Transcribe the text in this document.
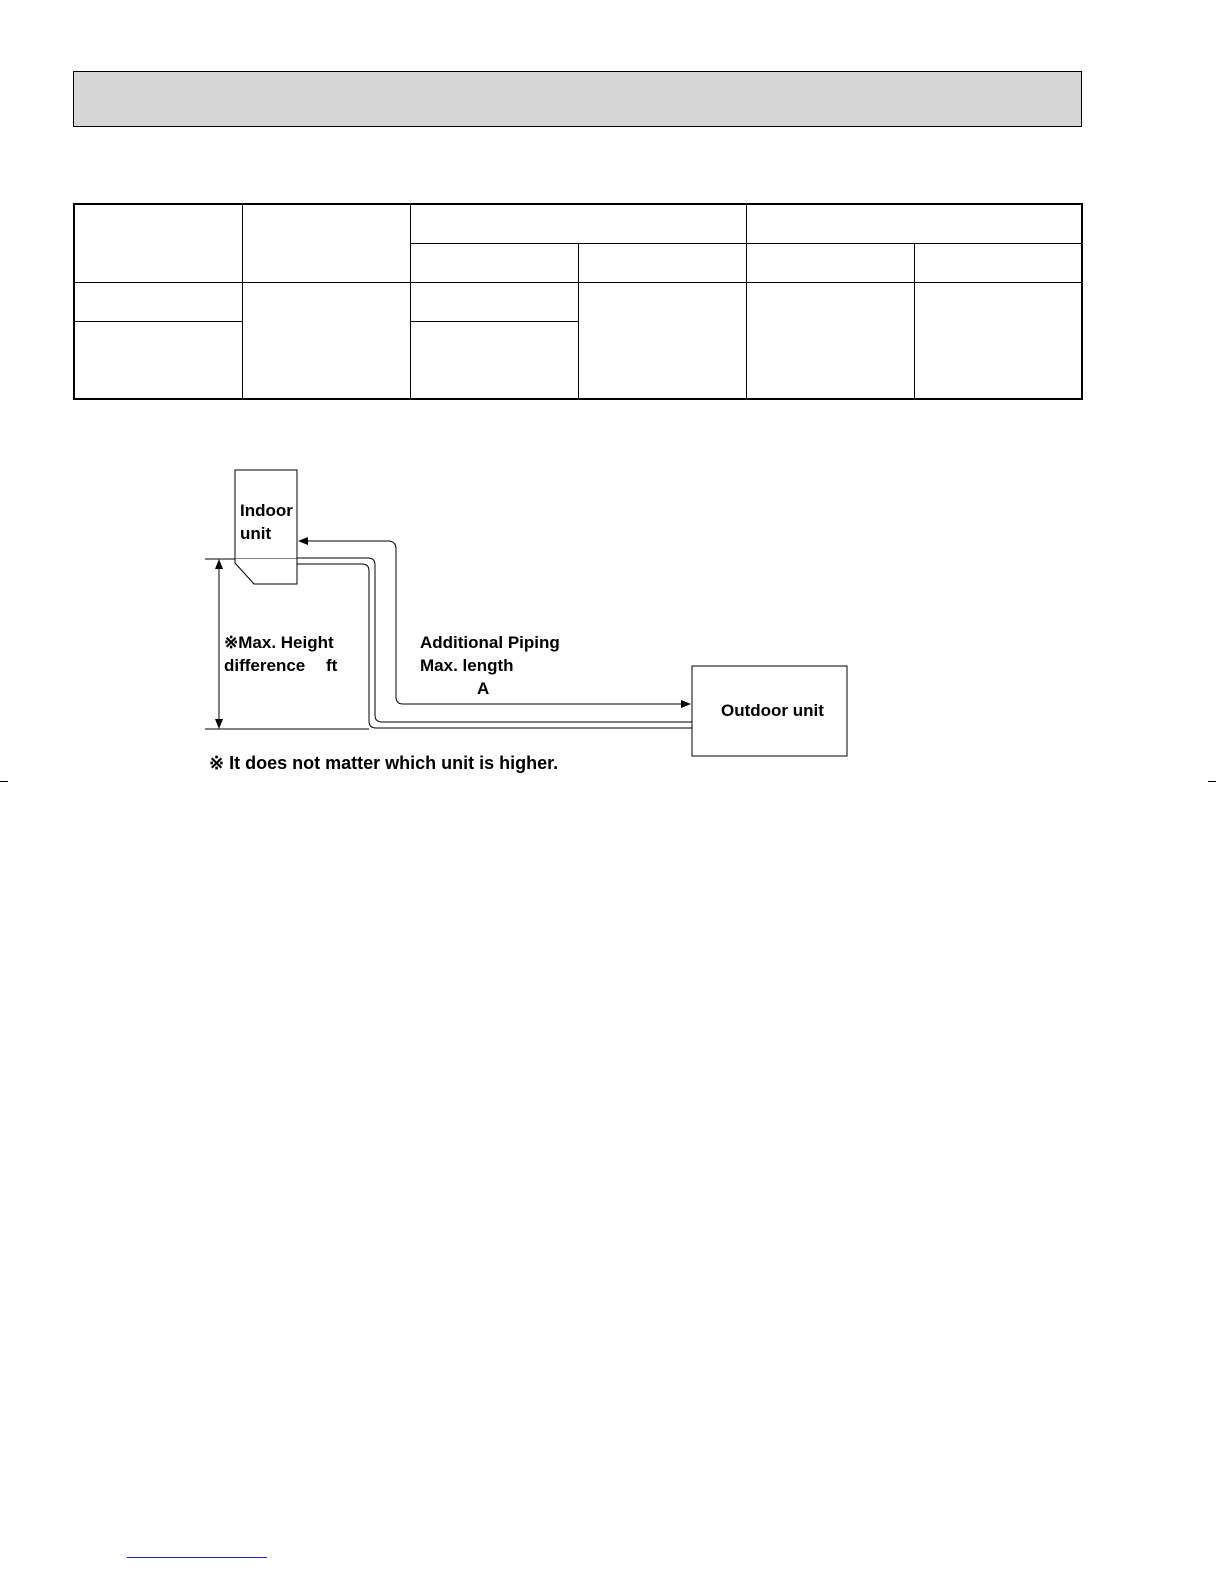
Indoor
unit
※Max. Height
difference ft
Additional Piping
Max. length
A
Outdoor unit
※ It does not matter which unit is higher.
